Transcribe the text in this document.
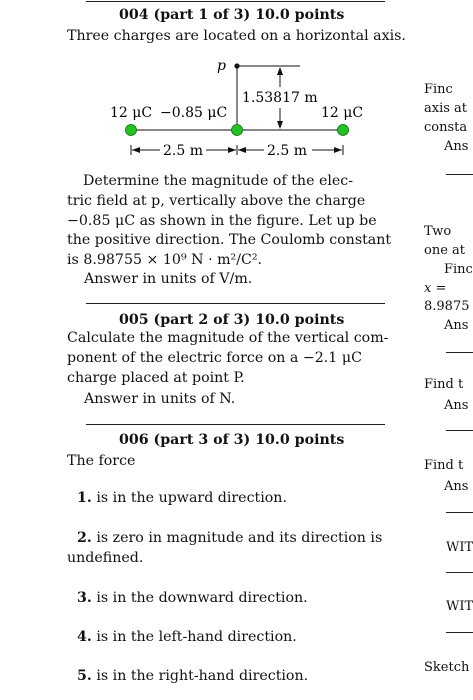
004 (part 1 of 3) 10.0 points
Three charges are located on a horizontal axis.
p
1.53817 m
12 μC −0.85 μC	12 μC
2.5 m	2.5 m
Determine the magnitude of the elec-
tric field at p, vertically above the charge
−0.85 μC as shown in the figure. Let up be
the positive direction. The Coulomb constant
is 8.98755 × 10⁹ N · m²/C².
Answer in units of V/m.
005 (part 2 of 3) 10.0 points
Calculate the magnitude of the vertical com-
ponent of the electric force on a −2.1 μC
charge placed at point P.
Answer in units of N.
006 (part 3 of 3) 10.0 points
The force
1. is in the upward direction.
2. is zero in magnitude and its direction is
undefined.
3. is in the downward direction.
4. is in the left-hand direction.
5. is in the right-hand direction.
Finc
axis at
consta
Ans
Two
one at
Finc
x =
8.9875
Ans
Find t
Ans
Find t
Ans
WIT
WIT
Sketch
